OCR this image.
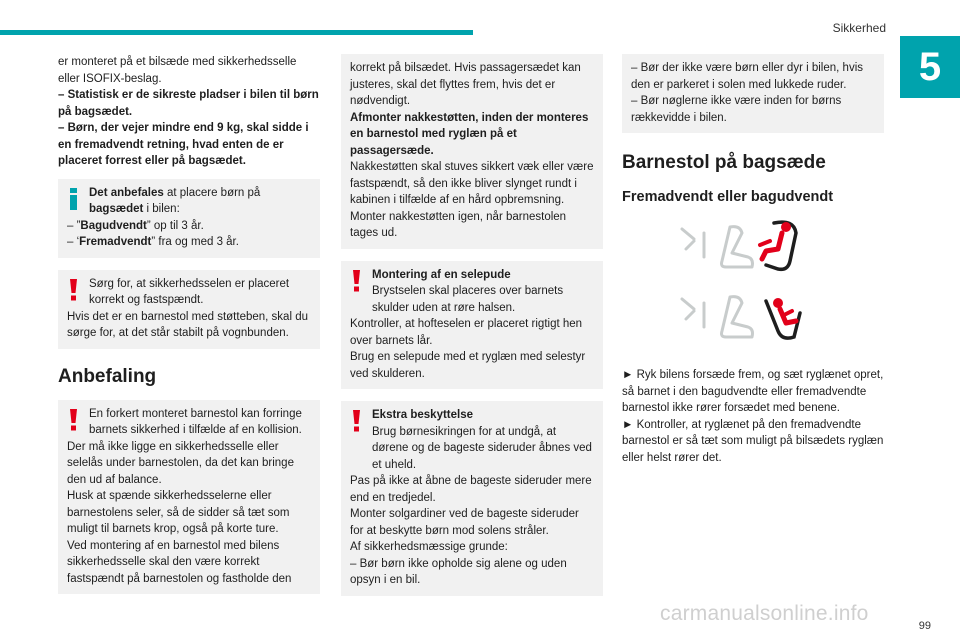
Sikkerhed
5

er monteret på et bilsæde med sikkerhedsselle eller ISOFIX-beslag.

– Statistisk er de sikreste pladser i bilen til børn på bagsædet.

– Børn, der vejer mindre end 9 kg, skal sidde i en fremadvendt retning, hvad enten de er placeret forrest eller på bagsædet.

Det anbefales at placere børn på bagsædet i bilen:

– ”Bagudvendt” op til 3 år.

– ‘Fremadvendt” fra og med 3 år.

Sørg for, at sikkerhedsselen er placeret korrekt og fastspændt.

Hvis det er en barnestol med støtteben, skal du sørge for, at det står stabilt på vognbunden.

Anbefaling

En forkert monteret barnestol kan forringe barnets sikkerhed i tilfælde af en kollision.

Der må ikke ligge en sikkerhedsselle eller selelås under barnestolen, da det kan bringe den ud af balance.

Husk at spænde sikkerhedsselerne eller barnestolens seler, så de sidder så tæt som muligt til barnets krop, også på korte ture.

Ved montering af en barnestol med bilens sikkerhedsselle skal den være korrekt fastspændt på barnestolen og fastholde den

korrekt på bilsædet. Hvis passagersædet kan justeres, skal det flyttes frem, hvis det er nødvendigt.

Afmonter nakkestøtten, inden der monteres en barnestol med ryglæn på et passagersæde.

Nakkestøtten skal stuves sikkert væk eller være fastspændt, så den ikke bliver slynget rundt i kabinen i tilfælde af en hård opbremsning. Monter nakkestøtten igen, når barnestolen tages ud.

Montering af en selepude

Brystselen skal placeres over barnets skulder uden at røre halsen.

Kontroller, at hofteselen er placeret rigtigt hen over barnets lår.

Brug en selepude med et ryglæn med selestyr ved skulderen.

Ekstra beskyttelse

Brug børnesikringen for at undgå, at dørene og de bageste sideruder åbnes ved et uheld.

Pas på ikke at åbne de bageste sideruder mere end en tredjedel.

Monter solgardiner ved de bageste sideruder for at beskytte børn mod solens stråler.

Af sikkerhedsmæssige grunde:

– Bør børn ikke opholde sig alene og uden opsyn i en bil.

– Bør der ikke være børn eller dyr i bilen, hvis den er parkeret i solen med lukkede ruder.

– Bør nøglerne ikke være inden for børns rækkevidde i bilen.

Barnestol på bagsæde
Fremadvendt eller bagudvendt

► Ryk bilens forsæde frem, og sæt ryglænet opret, så barnet i den bagudvendte eller fremadvendte barnestol ikke rører forsædet med benene.

► Kontroller, at ryglænet på den fremadvendte barnestol er så tæt som muligt på bilsædets ryglæn eller helst rører det.

carmanualsonline.info
99
